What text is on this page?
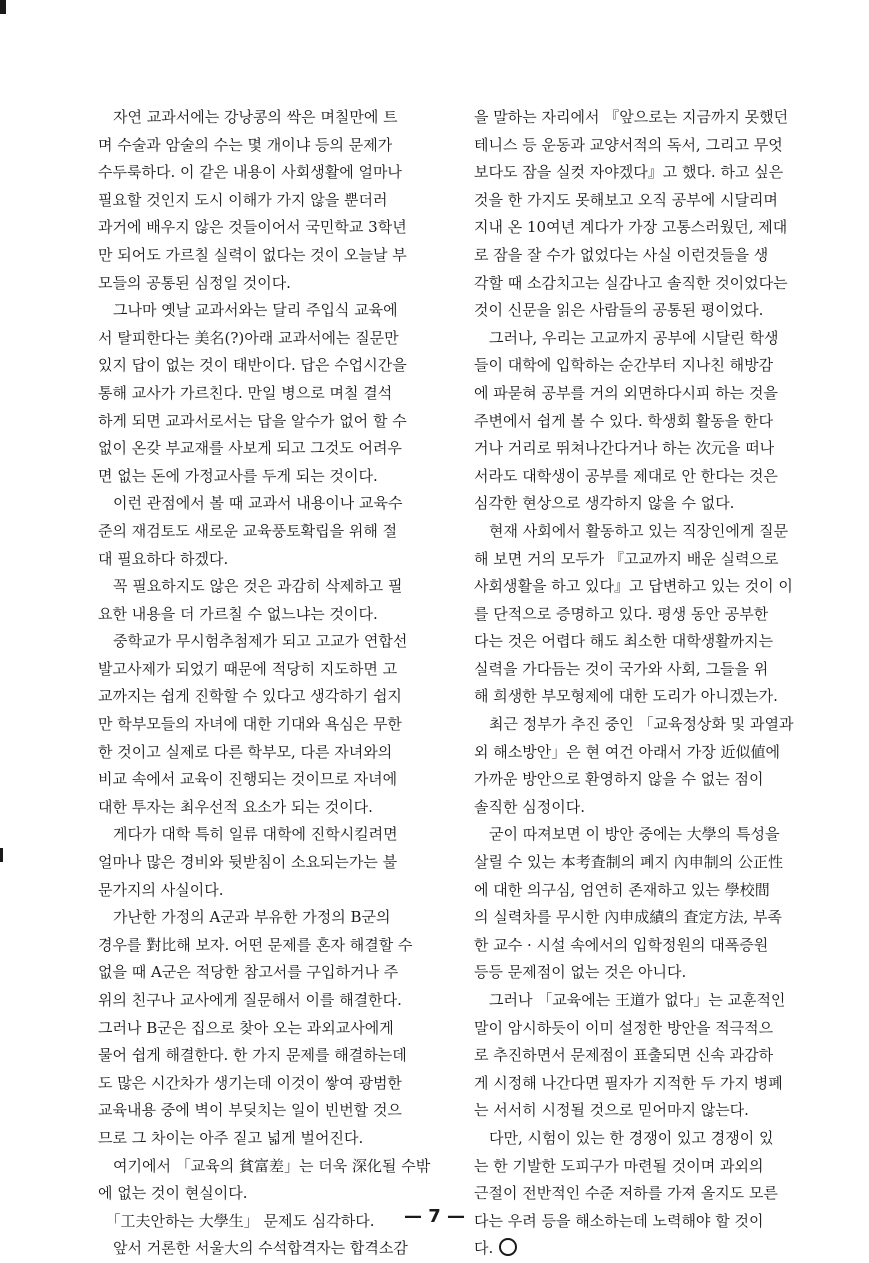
　자연 교과서에는 강낭콩의 싹은 며칠만에 트
며 수술과 암술의 수는 몇 개이냐 등의 문제가
수두룩하다. 이 같은 내용이 사회생활에 얼마나
필요할 것인지 도시 이해가 가지 않을 뿐더러
과거에 배우지 않은 것들이어서 국민학교 3학년
만 되어도 가르칠 실력이 없다는 것이 오늘날 부
모들의 공통된 심정일 것이다.
　그나마 옛날 교과서와는 달리 주입식 교육에
서 탈피한다는 美名(?)아래 교과서에는 질문만
있지 답이 없는 것이 태반이다. 답은 수업시간을
통해 교사가 가르친다. 만일 병으로 며칠 결석
하게 되면 교과서로서는 답을 알수가 없어 할 수
없이 온갖 부교재를 사보게 되고 그것도 어려우
면 없는 돈에 가정교사를 두게 되는 것이다.
　이런 관점에서 볼 때 교과서 내용이나 교육수
준의 재검토도 새로운 교육풍토확립을 위해 절
대 필요하다 하겠다.
　꼭 필요하지도 않은 것은 과감히 삭제하고 필
요한 내용을 더 가르칠 수 없느냐는 것이다.
　중학교가 무시험추첨제가 되고 고교가 연합선
발고사제가 되었기 때문에 적당히 지도하면 고
교까지는 쉽게 진학할 수 있다고 생각하기 쉽지
만 학부모들의 자녀에 대한 기대와 욕심은 무한
한 것이고 실제로 다른 학부모, 다른 자녀와의
비교 속에서 교육이 진행되는 것이므로 자녀에
대한 투자는 최우선적 요소가 되는 것이다.
　게다가 대학 특히 일류 대학에 진학시킬려면
얼마나 많은 경비와 뒷받침이 소요되는가는 불
문가지의 사실이다.
　가난한 가정의 A군과 부유한 가정의 B군의
경우를 對比해 보자. 어떤 문제를 혼자 해결할 수
없을 때 A군은 적당한 참고서를 구입하거나 주
위의 친구나 교사에게 질문해서 이를 해결한다.
그러나 B군은 집으로 찾아 오는 과외교사에게
물어 쉽게 해결한다. 한 가지 문제를 해결하는데
도 많은 시간차가 생기는데 이것이 쌓여 광범한
교육내용 중에 벽이 부딪치는 일이 빈번할 것으
므로 그 차이는 아주 짙고 넓게 벌어진다.
　여기에서 「교육의 貧富差」는 더욱 深化될 수밖
에 없는 것이 현실이다.
　「工夫안하는 大學生」 문제도 심각하다.
　앞서 거론한 서울大의 수석합격자는 합격소감
을 말하는 자리에서 『앞으로는 지금까지 못했던
테니스 등 운동과 교양서적의 독서, 그리고 무엇
보다도 잠을 실컷 자야겠다』고 했다. 하고 싶은
것을 한 가지도 못해보고 오직 공부에 시달리며
지내 온 10여년 계다가 가장 고통스러웠던, 제대
로 잠을 잘 수가 없었다는 사실 이런것들을 생
각할 때 소감치고는 실감나고 솔직한 것이었다는
것이 신문을 읽은 사람들의 공통된 평이었다.
　그러나, 우리는 고교까지 공부에 시달린 학생
들이 대학에 입학하는 순간부터 지나친 해방감
에 파묻혀 공부를 거의 외면하다시피 하는 것을
주변에서 쉽게 볼 수 있다. 학생회 활동을 한다
거나 거리로 뛰쳐나간다거나 하는 次元을 떠나
서라도 대학생이 공부를 제대로 안 한다는 것은
심각한 현상으로 생각하지 않을 수 없다.
　현재 사회에서 활동하고 있는 직장인에게 질문
해 보면 거의 모두가 『고교까지 배운 실력으로
사회생활을 하고 있다』고 답변하고 있는 것이 이
를 단적으로 증명하고 있다. 평생 동안 공부한
다는 것은 어렵다 해도 최소한 대학생활까지는
실력을 가다듬는 것이 국가와 사회, 그들을 위
해 희생한 부모형제에 대한 도리가 아니겠는가.
　최근 정부가 추진 중인 「교육정상화 및 과열과
외 해소방안」은 현 여건 아래서 가장 近似値에
가까운 방안으로 환영하지 않을 수 없는 점이
솔직한 심정이다.
　굳이 따져보면 이 방안 중에는 大學의 특성을
살릴 수 있는 本考査制의 폐지 內申制의 公正性
에 대한 의구심, 엄연히 존재하고 있는 學校間
의 실력차를 무시한 內申成績의 査定方法, 부족
한 교수 · 시설 속에서의 입학정원의 대폭증원
등등 문제점이 없는 것은 아니다.
　그러나 「교육에는 王道가 없다」는 교훈적인
말이 암시하듯이 이미 설정한 방안을 적극적으
로 추진하면서 문제점이 표출되면 신속 과감하
게 시정해 나간다면 필자가 지적한 두 가지 병폐
는 서서히 시정될 것으로 믿어마지 않는다.
　다만, 시험이 있는 한 경쟁이 있고 경쟁이 있
는 한 기발한 도피구가 마련될 것이며 과외의
근절이 전반적인 수준 저하를 가져 올지도 모른
다는 우려 등을 해소하는데 노력해야 할 것이
다.
— 7 —
